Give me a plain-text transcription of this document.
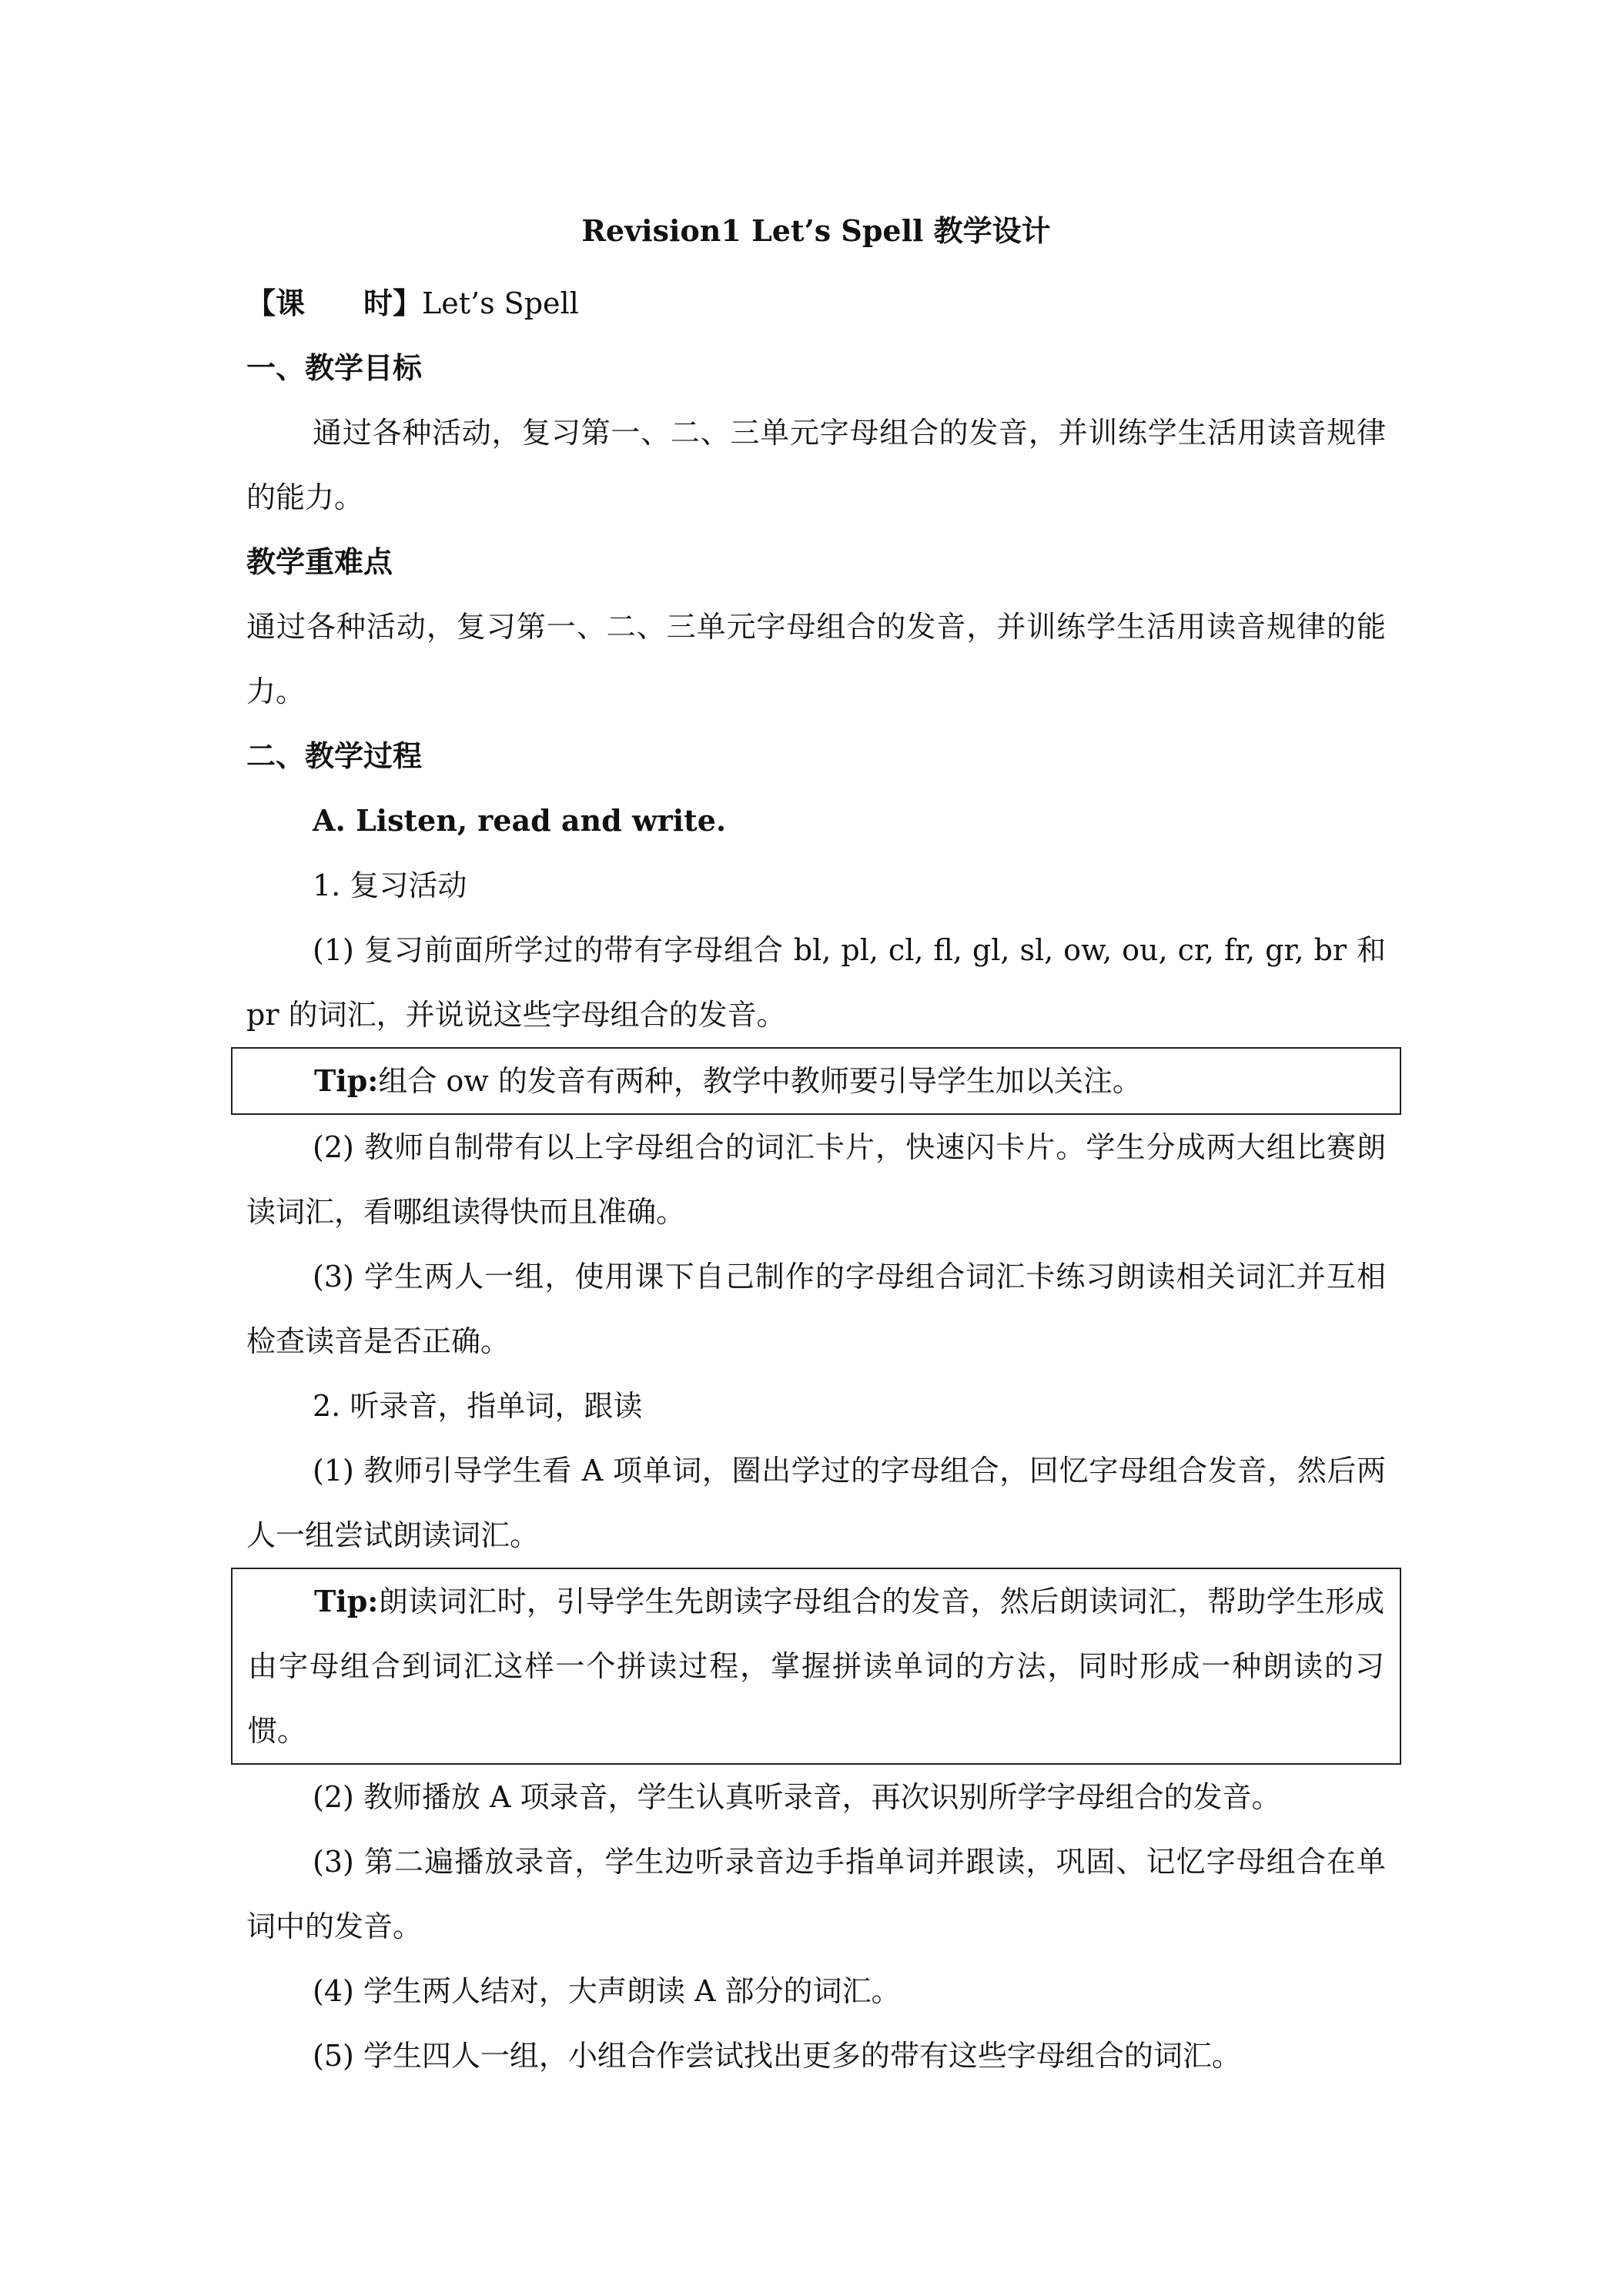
Revision1 Let’s Spell 教学设计

【课　　时】Let’s Spell

一、教学目标

通过各种活动，复习第一、二、三单元字母组合的发音，并训练学生活用读音规律的能力。

教学重难点

通过各种活动，复习第一、二、三单元字母组合的发音，并训练学生活用读音规律的能力。

二、教学过程

A. Listen, read and write.

1. 复习活动

(1) 复习前面所学过的带有字母组合 bl, pl, cl, fl, gl, sl, ow, ou, cr, fr, gr, br 和 pr 的词汇，并说说这些字母组合的发音。

Tip:组合 ow 的发音有两种，教学中教师要引导学生加以关注。

(2) 教师自制带有以上字母组合的词汇卡片，快速闪卡片。学生分成两大组比赛朗读词汇，看哪组读得快而且准确。

(3) 学生两人一组，使用课下自己制作的字母组合词汇卡练习朗读相关词汇并互相检查读音是否正确。

2. 听录音，指单词，跟读

(1) 教师引导学生看 A 项单词，圈出学过的字母组合，回忆字母组合发音，然后两人一组尝试朗读词汇。

Tip:朗读词汇时，引导学生先朗读字母组合的发音，然后朗读词汇，帮助学生形成由字母组合到词汇这样一个拼读过程，掌握拼读单词的方法，同时形成一种朗读的习惯。

(2) 教师播放 A 项录音，学生认真听录音，再次识别所学字母组合的发音。

(3) 第二遍播放录音，学生边听录音边手指单词并跟读，巩固、记忆字母组合在单词中的发音。

(4) 学生两人结对，大声朗读 A 部分的词汇。

(5) 学生四人一组，小组合作尝试找出更多的带有这些字母组合的词汇。
